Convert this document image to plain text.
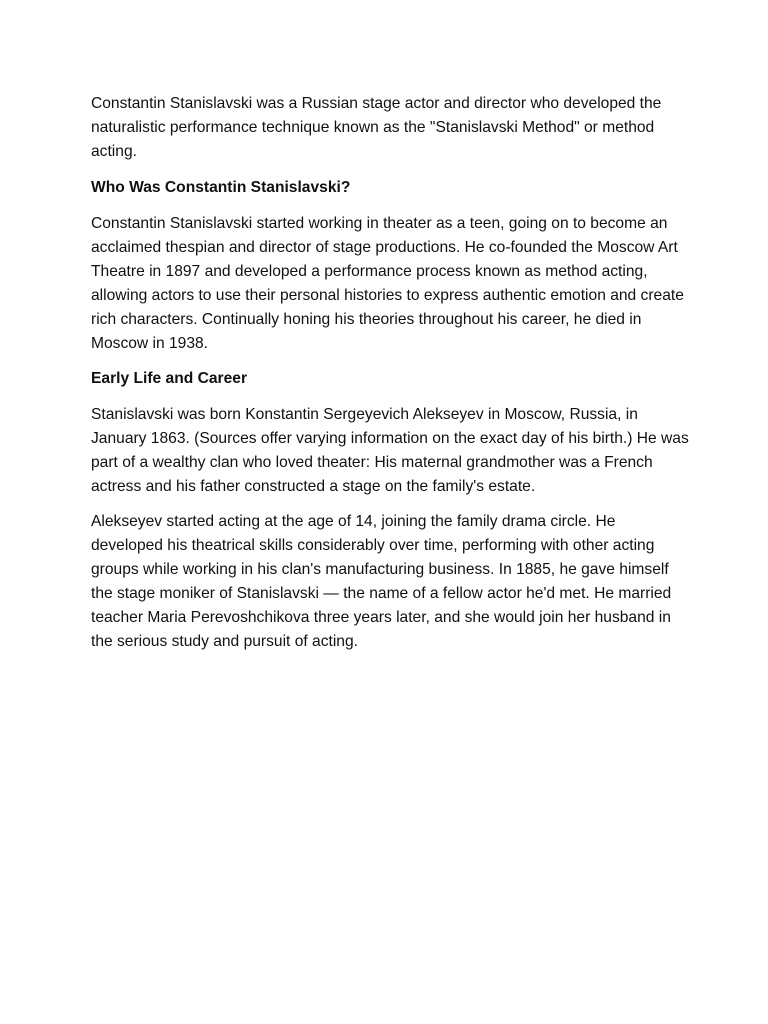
Constantin Stanislavski was a Russian stage actor and director who developed the naturalistic performance technique known as the "Stanislavski Method" or method acting.

Who Was Constantin Stanislavski?

Constantin Stanislavski started working in theater as a teen, going on to become an acclaimed thespian and director of stage productions. He co-founded the Moscow Art Theatre in 1897 and developed a performance process known as method acting, allowing actors to use their personal histories to express authentic emotion and create rich characters. Continually honing his theories throughout his career, he died in Moscow in 1938.

Early Life and Career

Stanislavski was born Konstantin Sergeyevich Alekseyev in Moscow, Russia, in January 1863. (Sources offer varying information on the exact day of his birth.) He was part of a wealthy clan who loved theater: His maternal grandmother was a French actress and his father constructed a stage on the family's estate.

Alekseyev started acting at the age of 14, joining the family drama circle. He developed his theatrical skills considerably over time, performing with other acting groups while working in his clan's manufacturing business. In 1885, he gave himself the stage moniker of Stanislavski — the name of a fellow actor he'd met. He married teacher Maria Perevoshchikova three years later, and she would join her husband in the serious study and pursuit of acting.
